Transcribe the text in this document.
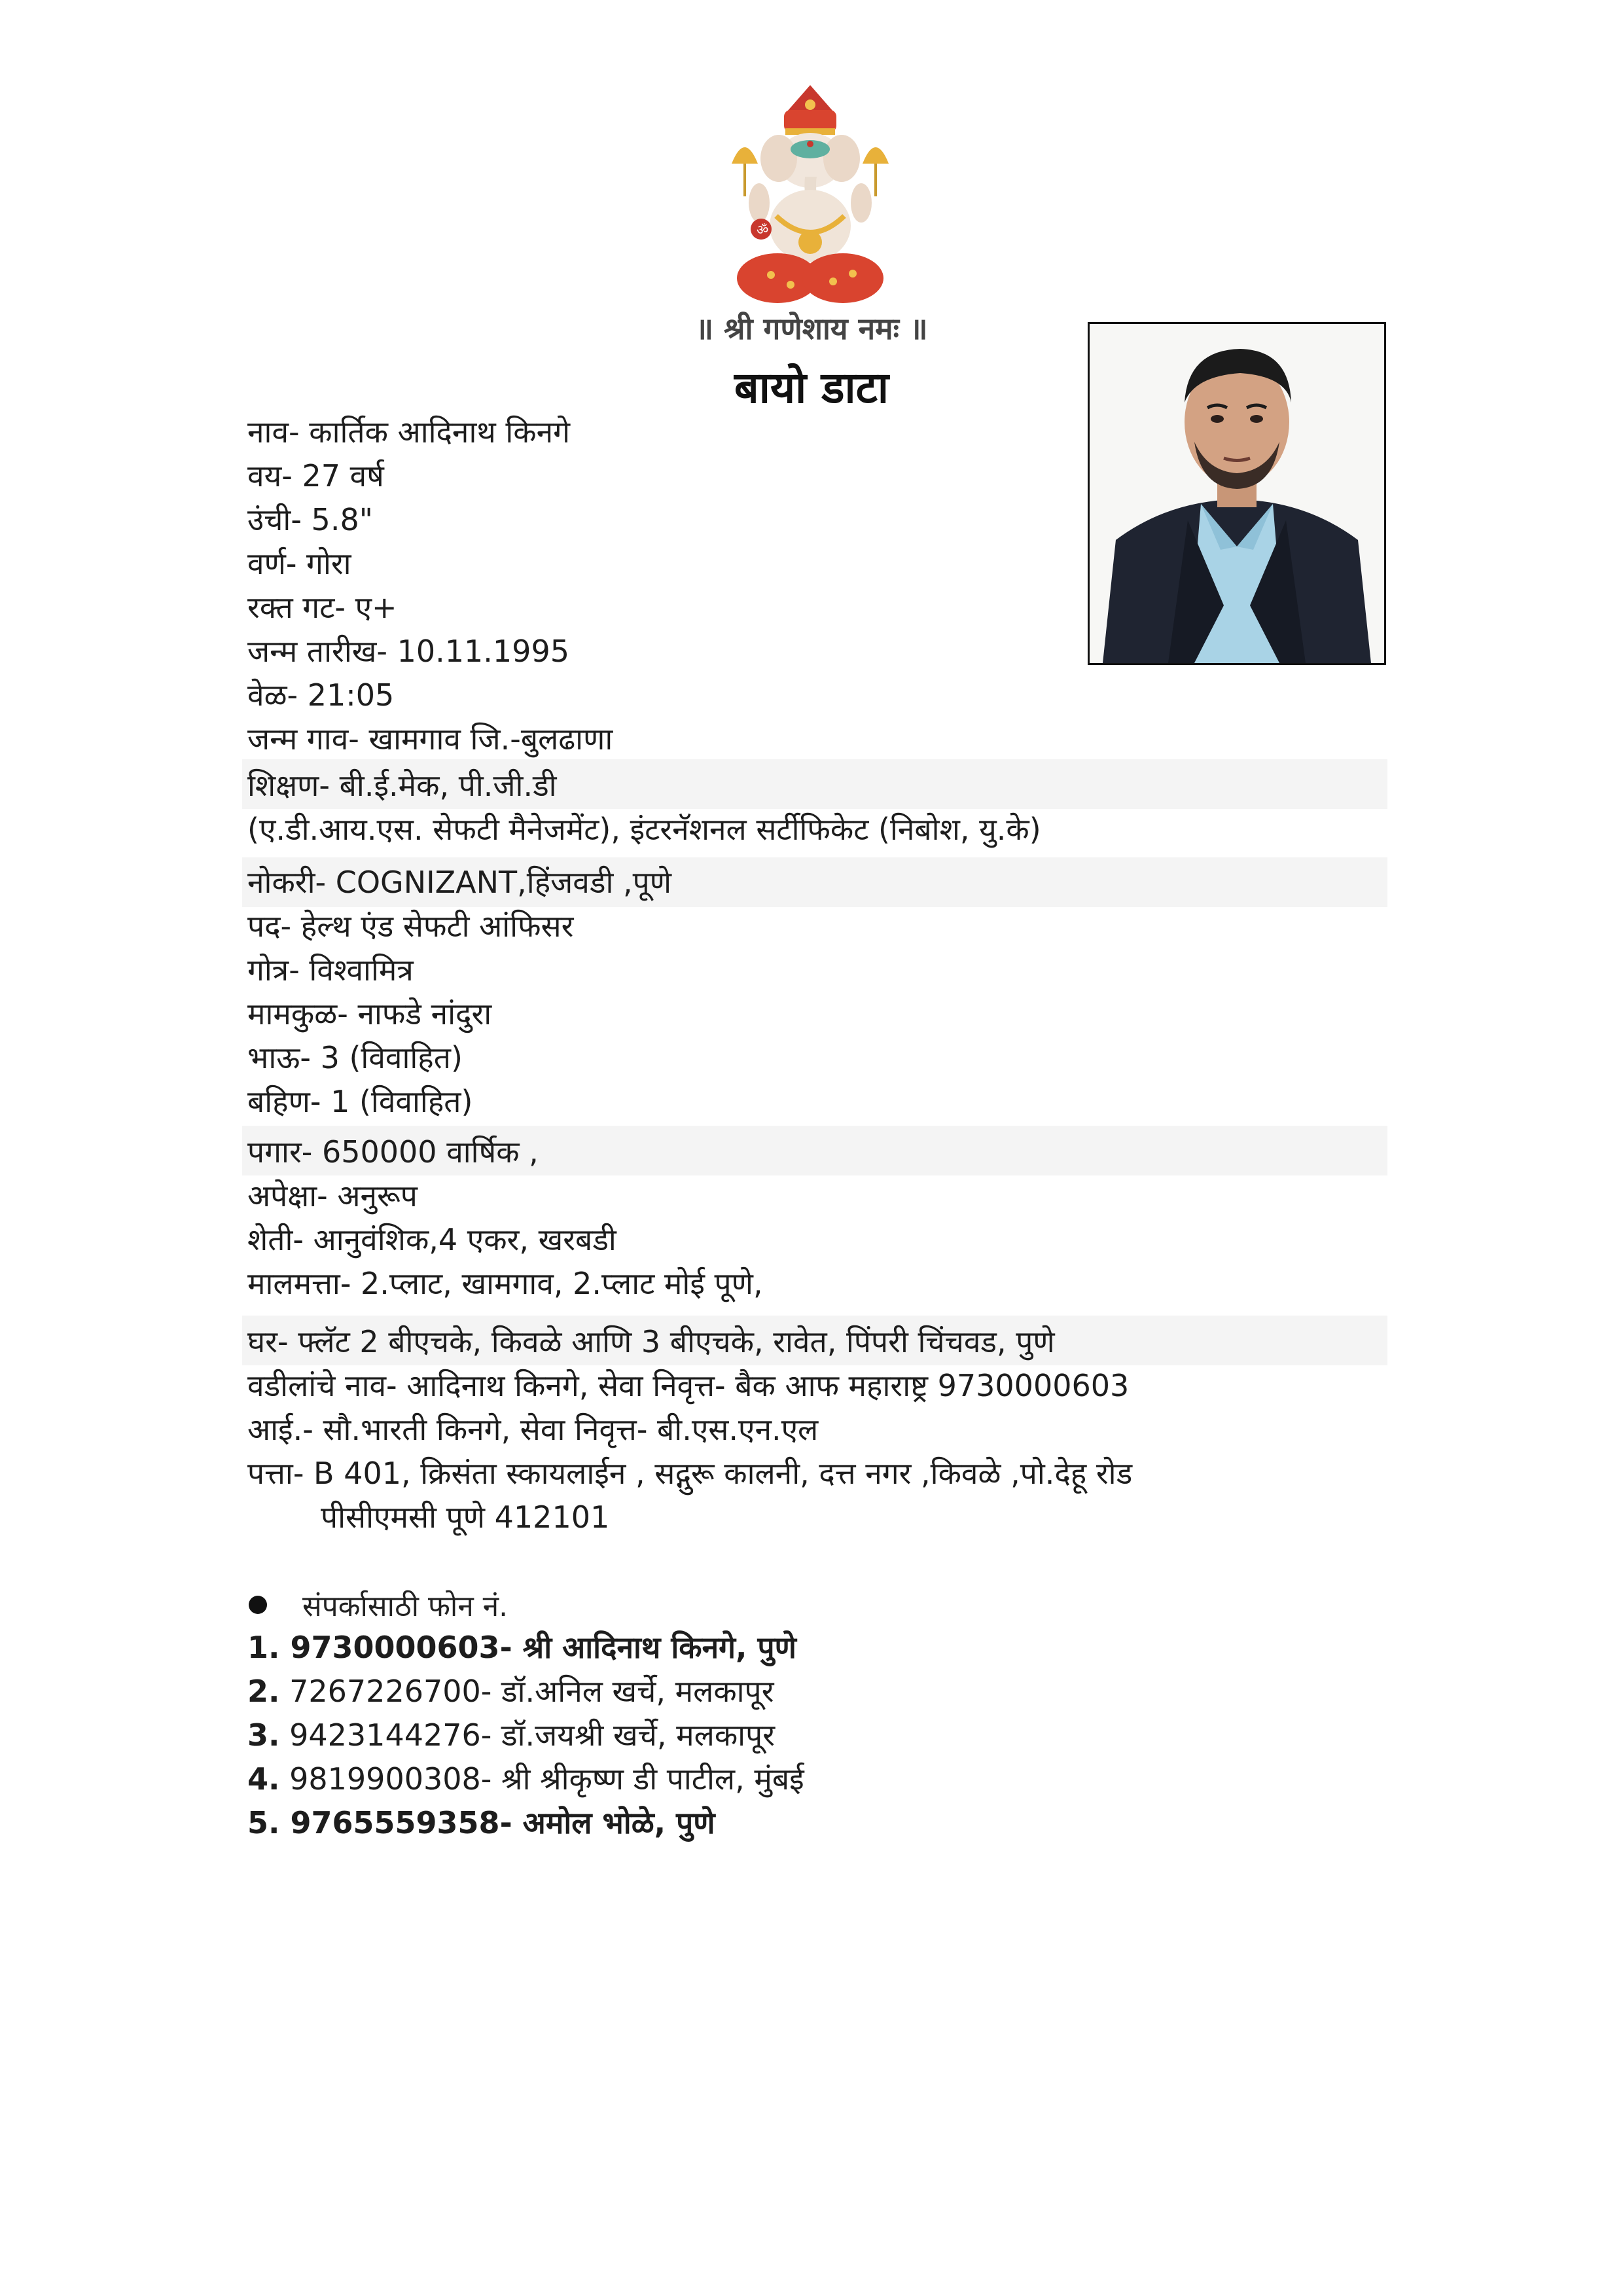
ॐ
॥ श्री गणेशाय नमः ॥
बायो डाटा
नाव- कार्तिक आदिनाथ किनगे
वय- 27 वर्ष
उंची- 5.8"
वर्ण- गोरा
रक्त गट- ए+
जन्म तारीख- 10.11.1995
वेळ- 21:05
जन्म गाव- खामगाव जि.-बुलढाणा
शिक्षण- बी.ई.मेक, पी.जी.डी
(ए.डी.आय.एस. सेफटी मैनेजमेंट), इंटरनॅशनल सर्टीफिकेट (निबोश, यु.के)
नोकरी- COGNIZANT,हिंजवडी ,पूणे
पद- हेल्थ एंड सेफटी आंफिसर
गोत्र- विश्वामित्र
मामकुळ- नाफडे नांदुरा
भाऊ- 3 (विवाहित)
बहिण- 1 (विवाहित)
पगार- 650000 वार्षिक ,
अपेक्षा- अनुरूप
शेती- आनुवंशिक,4 एकर, खरबडी
मालमत्ता- 2.प्लाट, खामगाव, 2.प्लाट मोई पूणे,
घर- फ्लॅट 2 बीएचके, किवळे आणि 3 बीएचके, रावेत, पिंपरी चिंचवड, पुणे
वडीलांचे नाव- आदिनाथ किनगे, सेवा निवृत्त- बैक आफ महाराष्ट्र 9730000603
आई.- सौ.भारती किनगे, सेवा निवृत्त- बी.एस.एन.एल
पत्ता- B 401, क्रिसंता स्कायलाईन , सद्गुरू कालनी, दत्त नगर ,किवळे ,पो.देहू रोड
पीसीएमसी पूणे 412101
संपर्कासाठी फोन नं.
1. 9730000603- श्री आदिनाथ किनगे, पुणे
2. 7267226700- डॉ.अनिल खर्चे, मलकापूर
3. 9423144276- डॉ.जयश्री खर्चे, मलकापूर
4. 9819900308- श्री श्रीकृष्ण डी पाटील, मुंबई
5. 9765559358- अमोल भोळे, पुणे
